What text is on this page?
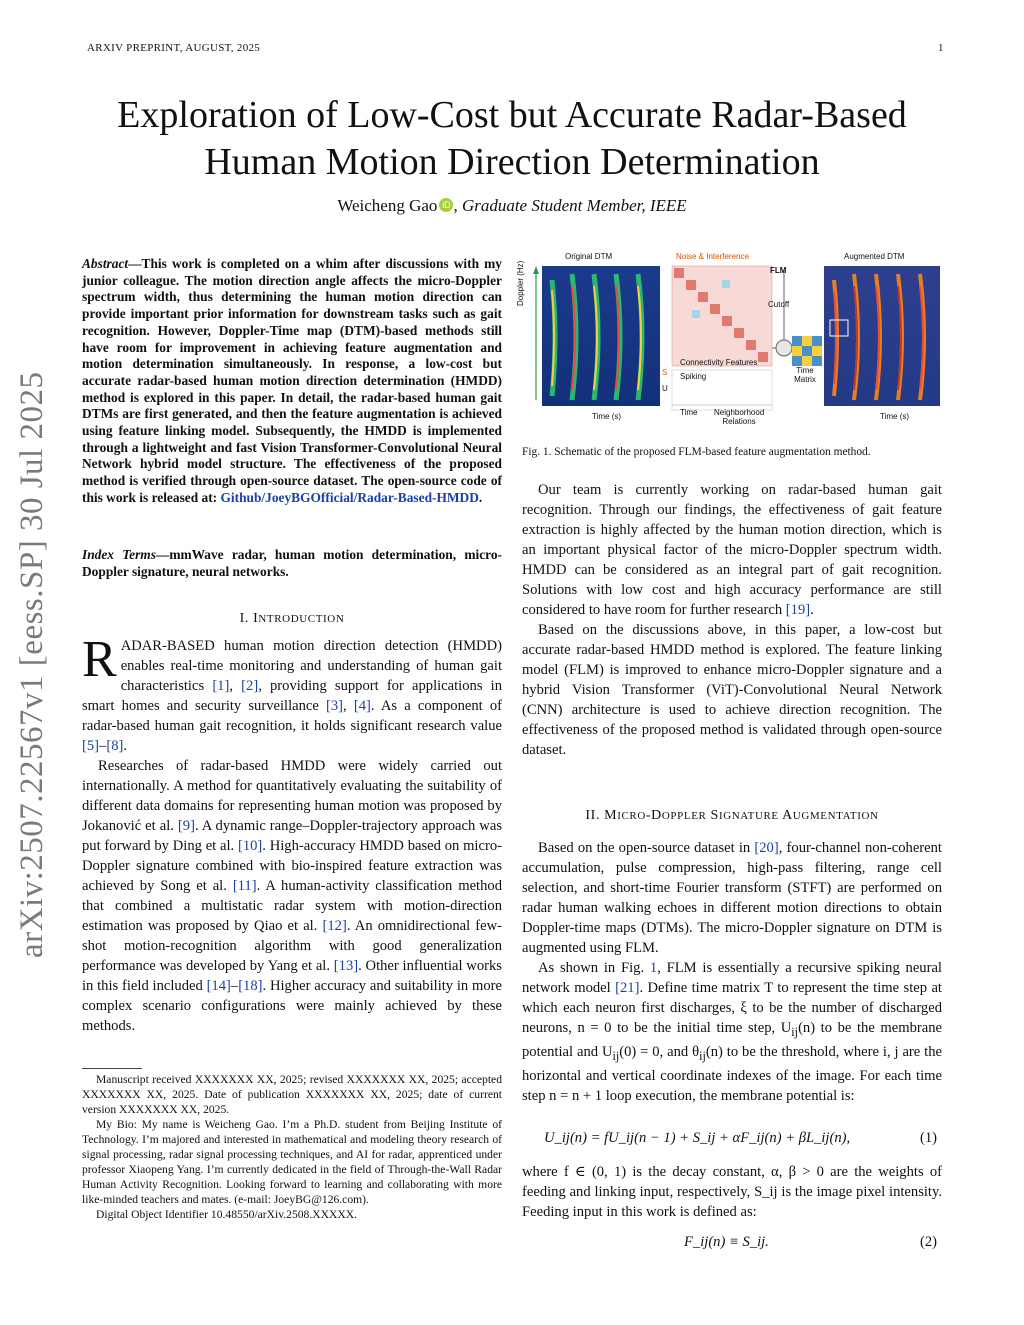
ARXIV PREPRINT, AUGUST, 2025	1
Exploration of Low-Cost but Accurate Radar-Based
Human Motion Direction Determination
Weicheng Gao iD , Graduate Student Member, IEEE
arXiv:2507.22567v1 [eess.SP] 30 Jul 2025

Abstract—This work is completed on a whim after discussions with my junior colleague. The motion direction angle affects the micro-Doppler spectrum width, thus determining the human motion direction can provide important prior information for downstream tasks such as gait recognition. However, Doppler-Time map (DTM)-based methods still have room for improvement in achieving feature augmentation and motion determination simultaneously. In response, a low-cost but accurate radar-based human motion direction determination (HMDD) method is explored in this paper. In detail, the radar-based human gait DTMs are first generated, and then the feature augmentation is achieved using feature linking model. Subsequently, the HMDD is implemented through a lightweight and fast Vision Transformer-Convolutional Neural Network hybrid model structure. The effectiveness of the proposed method is verified through open-source dataset. The open-source code of this work is released at: Github/JoeyBGOfficial/Radar-Based-HMDD.

Index Terms—mmWave radar, human motion determination, micro-Doppler signature, neural networks.

I. INTRODUCTION

RADAR-BASED human motion direction detection (HMDD) enables real-time monitoring and understanding of human gait characteristics [1], [2], providing support for applications in smart homes and security surveillance [3], [4]. As a component of radar-based human gait recognition, it holds significant research value [5]–[8].

Researches of radar-based HMDD were widely carried out internationally. A method for quantitatively evaluating the suitability of different data domains for representing human motion was proposed by Jokanović et al. [9]. A dynamic range–Doppler-trajectory approach was put forward by Ding et al. [10]. High-accuracy HMDD based on micro-Doppler signature combined with bio-inspired feature extraction was achieved by Song et al. [11]. A human-activity classification method that combined a multistatic radar system with motion-direction estimation was proposed by Qiao et al. [12]. An omnidirectional few-shot motion-recognition algorithm with good generalization performance was developed by Yang et al. [13]. Other influential works in this field included [14]–[18]. Higher accuracy and suitability in more complex scenario configurations were mainly achieved by these methods.

Manuscript received XXXXXXX XX, 2025; revised XXXXXXX XX, 2025; accepted XXXXXXX XX, 2025. Date of publication XXXXXXX XX, 2025; date of current version XXXXXXX XX, 2025.

My Bio: My name is Weicheng Gao. I’m a Ph.D. student from Beijing Institute of Technology. I’m majored and interested in mathematical and modeling theory research of signal processing, radar signal processing techniques, and AI for radar, apprenticed under professor Xiaopeng Yang. I’m currently dedicated in the field of Through-the-Wall Radar Human Activity Recognition. Looking forward to learning and collaborating with more like-minded teachers and mates. (e-mail: JoeyBG@126.com).

Digital Object Identifier 10.48550/arXiv.2508.XXXXX.

Original DTM	Noise & Interference
FLM
Augmented DTM
Doppler (Hz)
Time (s)	Time (s)
Cutoff
Time Matrix
Connectivity Features
Spiking
Time Neighborhood Relations
U
S
Fig. 1. Schematic of the proposed FLM-based feature augmentation method.

Our team is currently working on radar-based human gait recognition. Through our findings, the effectiveness of gait feature extraction is highly affected by the human motion direction, which is an important physical factor of the micro-Doppler spectrum width. HMDD can be considered as an integral part of gait recognition. Solutions with low cost and high accuracy performance are still considered to have room for further research [19].

Based on the discussions above, in this paper, a low-cost but accurate radar-based HMDD method is explored. The feature linking model (FLM) is improved to enhance micro-Doppler signature and a hybrid Vision Transformer (ViT)-Convolutional Neural Network (CNN) architecture is used to achieve direction recognition. The effectiveness of the proposed method is validated through open-source dataset.

II. MICRO-DOPPLER SIGNATURE AUGMENTATION

Based on the open-source dataset in [20], four-channel non-coherent accumulation, pulse compression, high-pass filtering, range cell selection, and short-time Fourier transform (STFT) are performed on radar human walking echoes in different motion directions to obtain Doppler-time maps (DTMs). The micro-Doppler signature on DTM is augmented using FLM.

As shown in Fig. 1, FLM is essentially a recursive spiking neural network model [21]. Define time matrix T to represent the time step at which each neuron first discharges, ξ to be the number of discharged neurons, n = 0 to be the initial time step, $U_{ij}(n)$ to be the membrane potential and $U_{ij}(0) = 0$, and $\theta_{ij}(n)$ to be the threshold, where i, j are the horizontal and vertical coordinate indexes of the image. For each time step n = n + 1 loop execution, the membrane potential is:

U_ij(n) = fU_ij(n − 1) + S_ij + αF_ij(n) + βL_ij(n),	(1)

where f ∈ (0, 1) is the decay constant, α, β > 0 are the weights of feeding and linking input, respectively, S_ij is the image pixel intensity. Feeding input in this work is defined as:

F_ij(n) ≡ S_ij.	(2)
